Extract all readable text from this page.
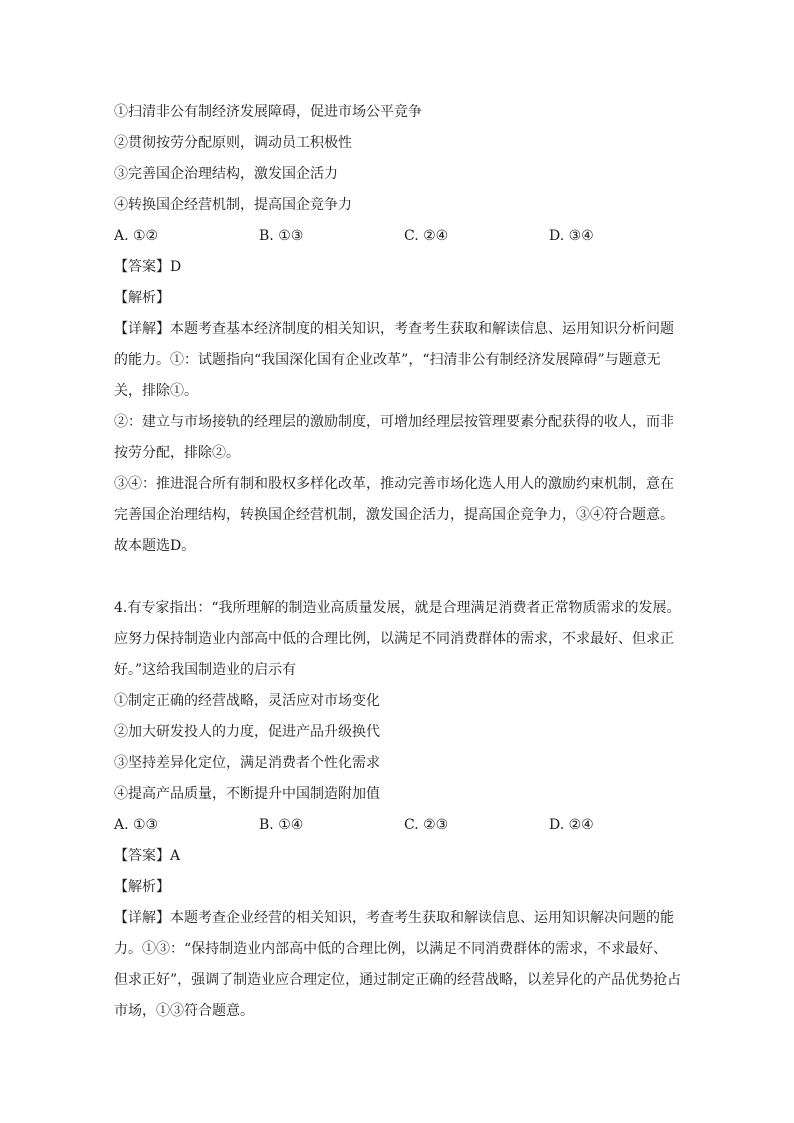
①扫清非公有制经济发展障碍，促进市场公平竞争
②贯彻按劳分配原则，调动员工积极性
③完善国企治理结构，激发国企活力
④转换国企经营机制，提高国企竞争力
A. ①②	B. ①③	C. ②④	D. ③④
【答案】D
【解析】
【详解】本题考查基本经济制度的相关知识，考查考生获取和解读信息、运用知识分析问题
的能力。①：试题指向“我国深化国有企业改革”，“扫清非公有制经济发展障碍”与题意无
关，排除①。
②：建立与市场接轨的经理层的激励制度，可增加经理层按管理要素分配获得的收人，而非
按劳分配，排除②。
③④：推进混合所有制和股权多样化改革，推动完善市场化选人用人的激励约束机制，意在
完善国企治理结构，转换国企经营机制，激发国企活力，提高国企竞争力，③④符合题意。
故本题选D。
4.有专家指出：“我所理解的制造业高质量发展，就是合理满足消费者正常物质需求的发展。
应努力保持制造业内部高中低的合理比例，以满足不同消费群体的需求，不求最好、但求正
好。”这给我国制造业的启示有
①制定正确的经营战略，灵活应对市场变化
②加大研发投人的力度，促进产品升级换代
③坚持差异化定位，满足消费者个性化需求
④提高产品质量，不断提升中国制造附加值
A. ①③	B. ①④	C. ②③	D. ②④
【答案】A
【解析】
【详解】本题考查企业经营的相关知识，考查考生获取和解读信息、运用知识解决问题的能
力。①③：“保持制造业内部高中低的合理比例，以满足不同消费群体的需求，不求最好、
但求正好”，强调了制造业应合理定位，通过制定正确的经营战略，以差异化的产品优势抢占
市场，①③符合题意。
